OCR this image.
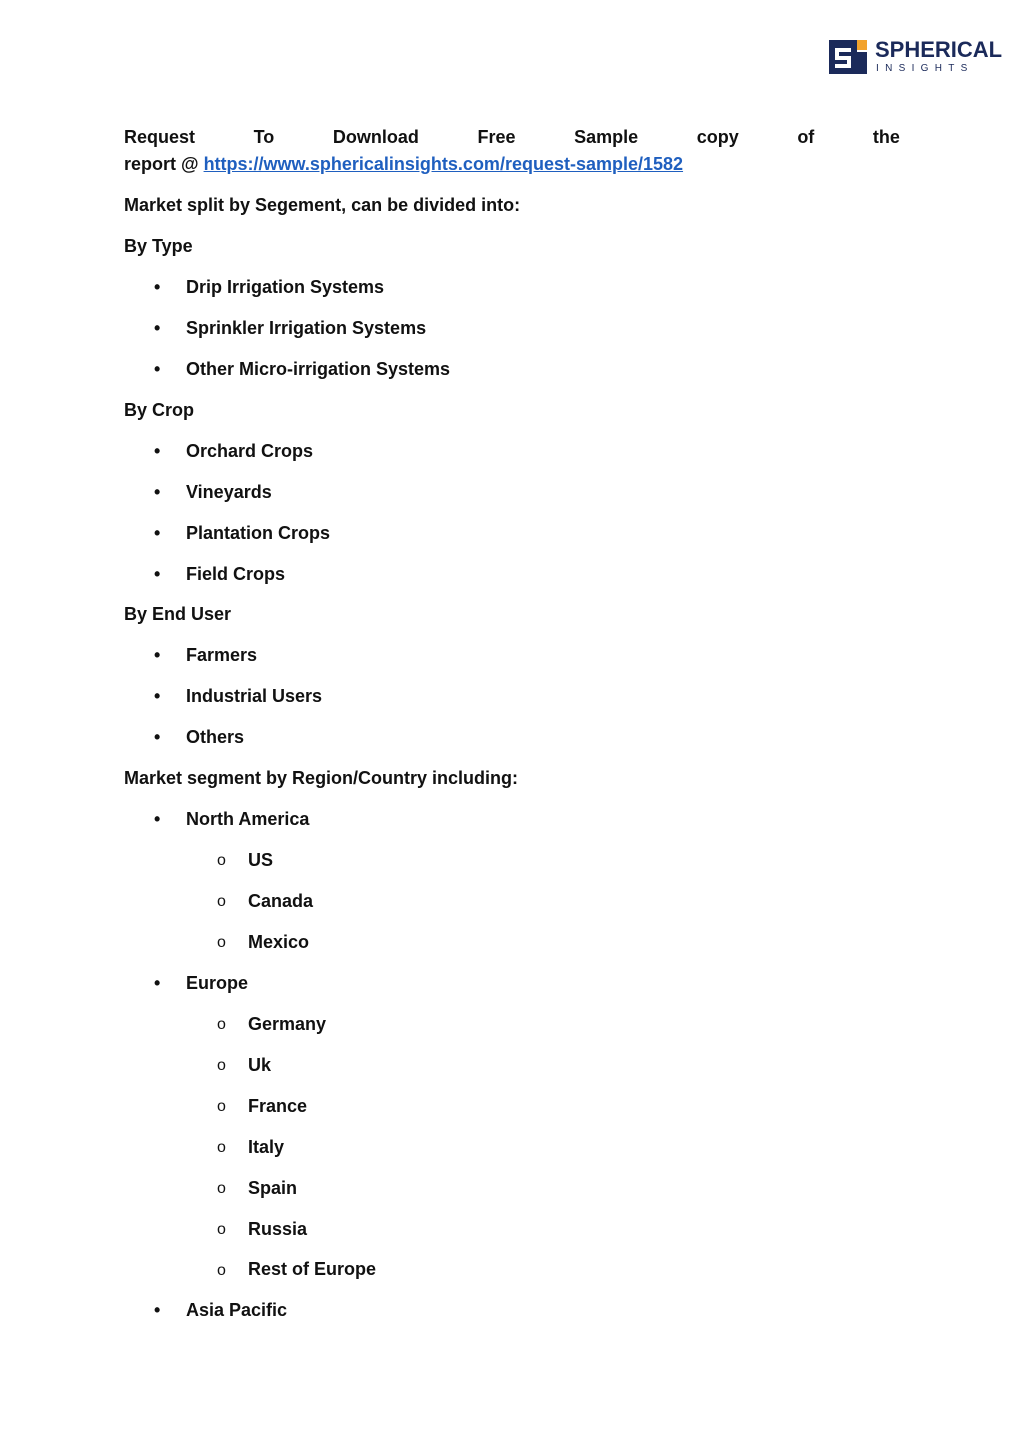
SPHERICAL
INSIGHTS
Request	To	Download	Free	Sample	copy	of	the
report @ https://www.sphericalinsights.com/request-sample/1582
Market split by Segement, can be divided into:
By Type
• Drip Irrigation Systems
• Sprinkler Irrigation Systems
• Other Micro-irrigation Systems
By Crop
• Orchard Crops
• Vineyards
• Plantation Crops
• Field Crops
By End User
• Farmers
• Industrial Users
• Others
Market segment by Region/Country including:
• North America
o US
o Canada
o Mexico
• Europe
o Germany
o Uk
o France
o Italy
o Spain
o Russia
o Rest of Europe
• Asia Pacific
